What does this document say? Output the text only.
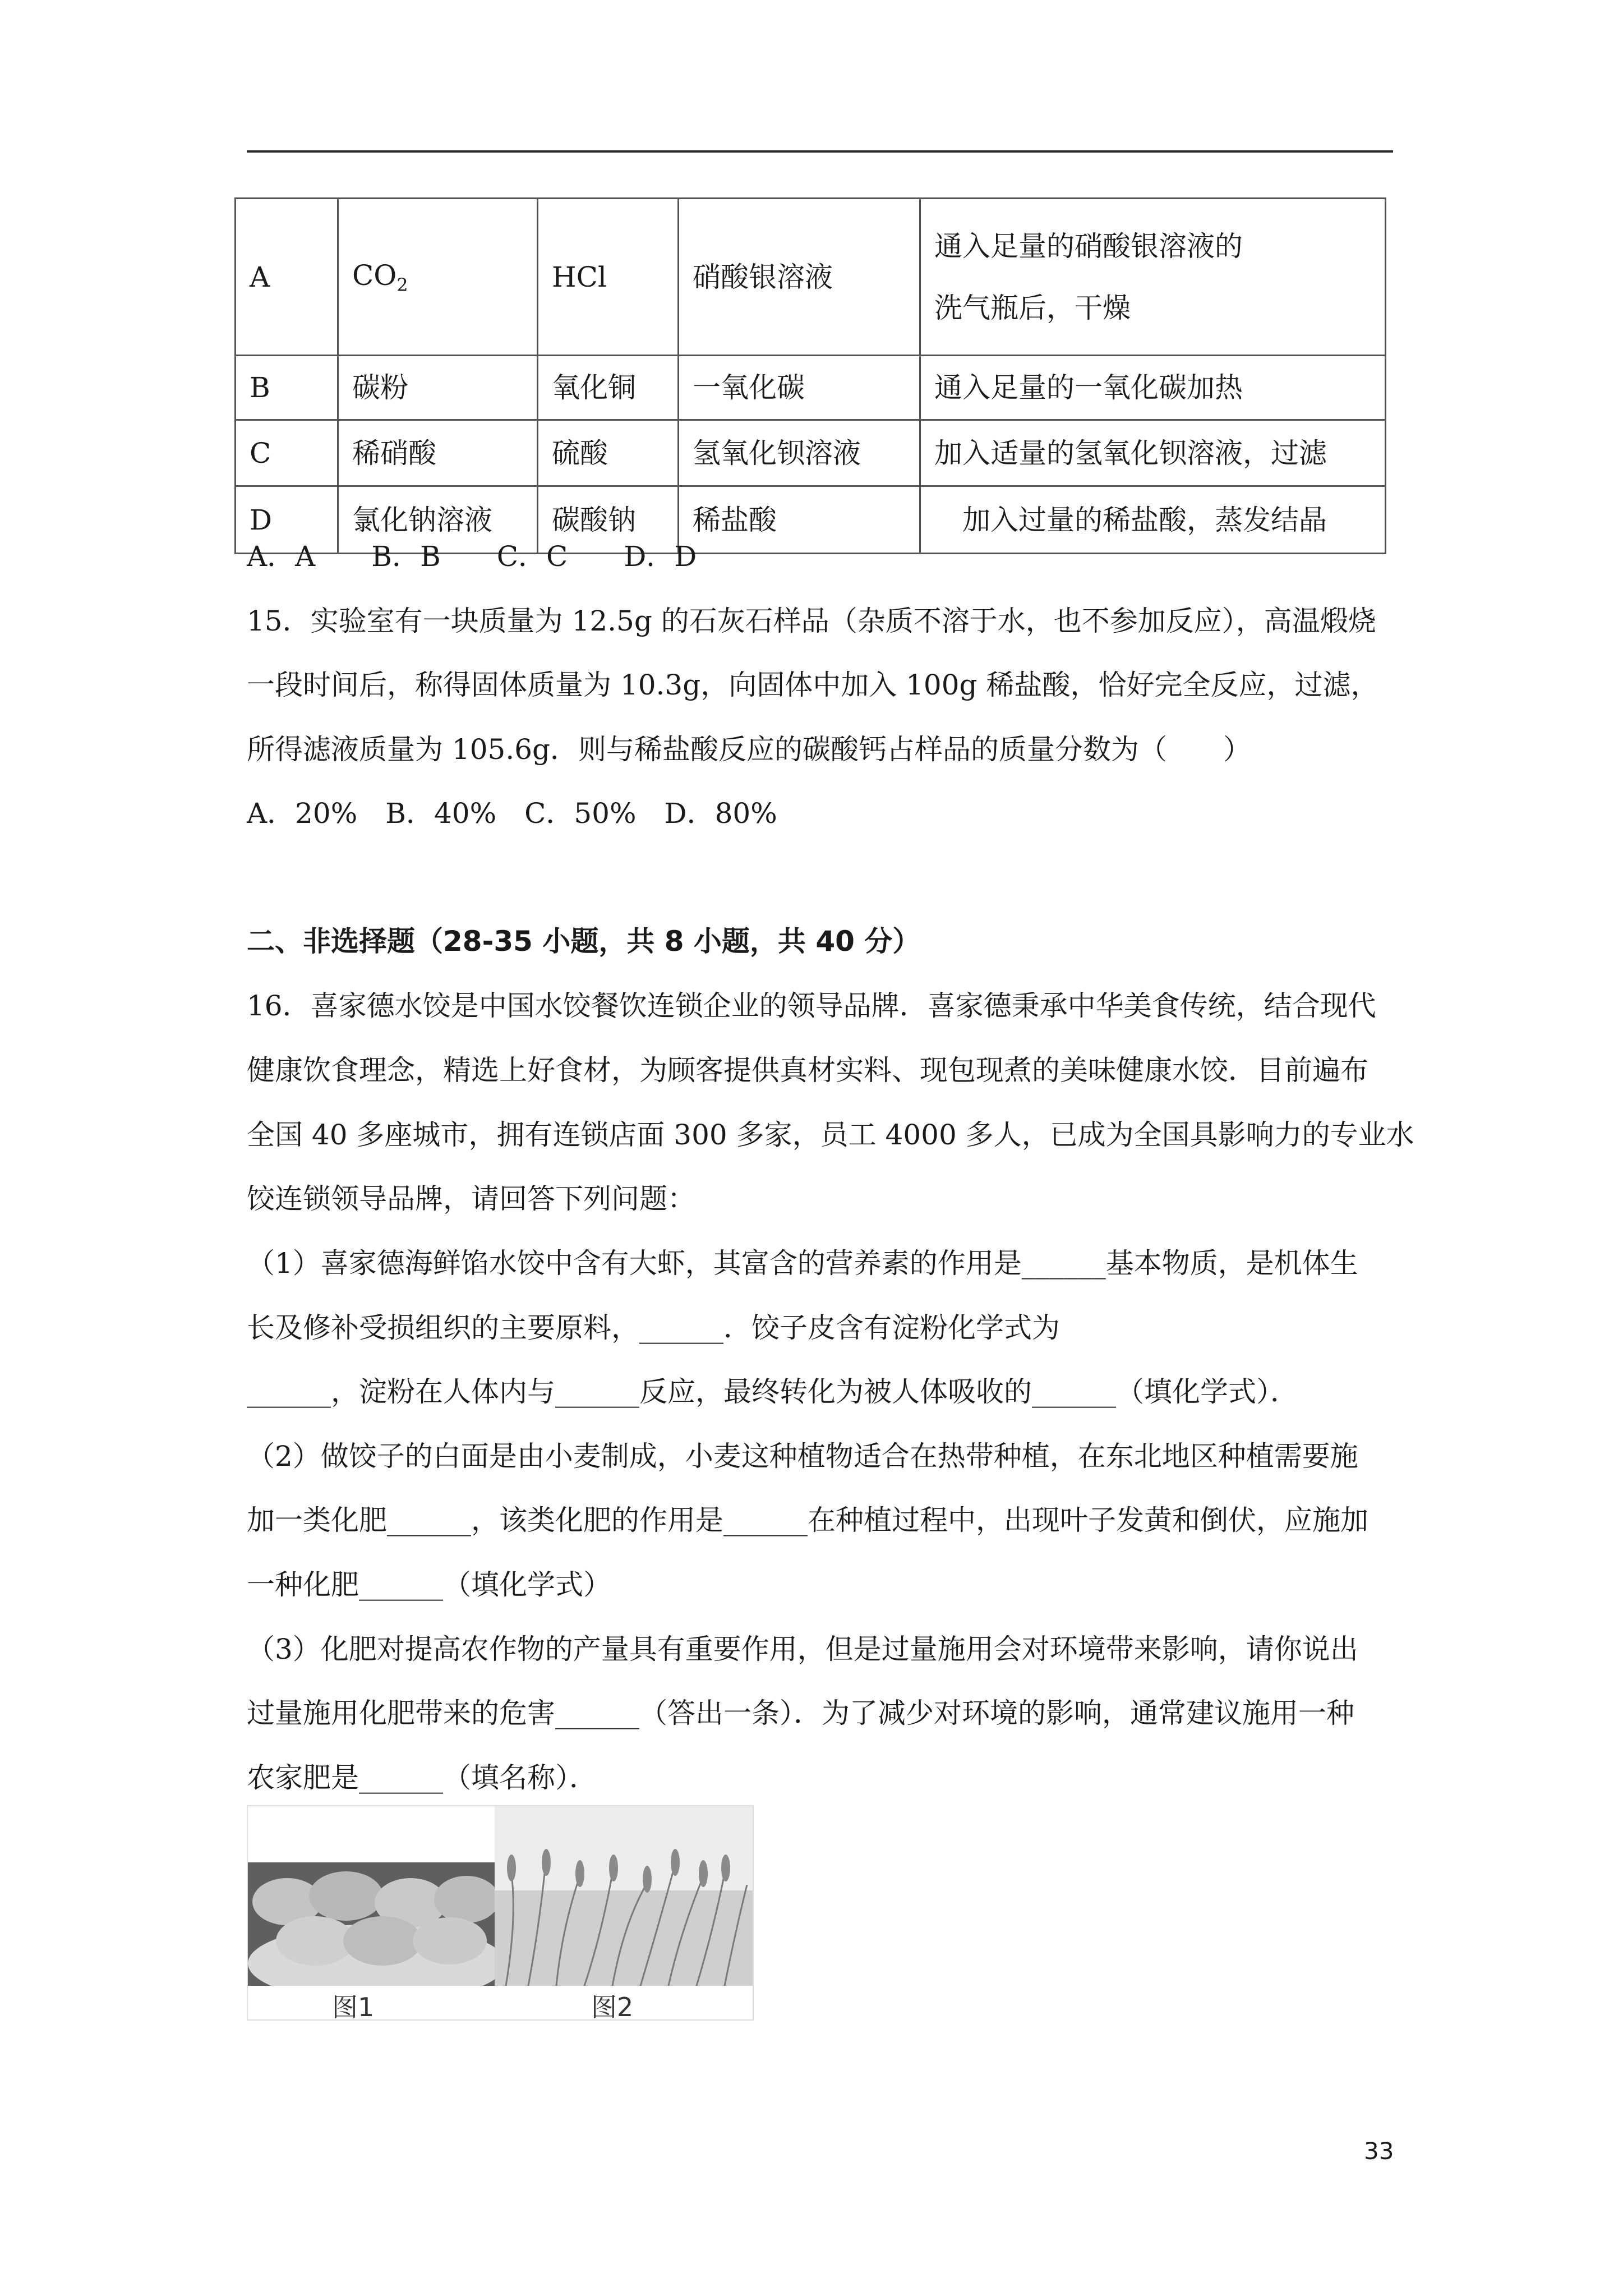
A	$CO_2$	HCl	硝酸银溶液	通入足量的硝酸银溶液的
洗气瓶后，干燥

B	碳粉	氧化铜	一氧化碳	通入足量的一氧化碳加热
C	稀硝酸	硫酸	氢氧化钡溶液	加入适量的氢氧化钡溶液，过滤
D	氯化钠溶液	碳酸钠	稀盐酸	　加入过量的稀盐酸，蒸发结晶
A．A　　B．B　　C．C　　D．D
15．实验室有一块质量为 12.5g 的石灰石样品（杂质不溶于水，也不参加反应），高温煅烧
一段时间后，称得固体质量为 10.3g，向固体中加入 100g 稀盐酸，恰好完全反应，过滤，
所得滤液质量为 105.6g．则与稀盐酸反应的碳酸钙占样品的质量分数为（　　）
A．20%　B．40%　C．50%　D．80%
二、非选择题（28-35 小题，共 8 小题，共 40 分）
16．喜家德水饺是中国水饺餐饮连锁企业的领导品牌．喜家德秉承中华美食传统，结合现代
健康饮食理念，精选上好食材，为顾客提供真材实料、现包现煮的美味健康水饺．目前遍布
全国 40 多座城市，拥有连锁店面 300 多家，员工 4000 多人，已成为全国具影响力的专业水
饺连锁领导品牌，请回答下列问题：
（1）喜家德海鲜馅水饺中含有大虾，其富含的营养素的作用是______基本物质，是机体生
长及修补受损组织的主要原料，______．饺子皮含有淀粉化学式为
______，淀粉在人体内与______反应，最终转化为被人体吸收的______（填化学式）．
（2）做饺子的白面是由小麦制成，小麦这种植物适合在热带种植，在东北地区种植需要施
加一类化肥______，该类化肥的作用是______在种植过程中，出现叶子发黄和倒伏，应施加
一种化肥______（填化学式）
（3）化肥对提高农作物的产量具有重要作用，但是过量施用会对环境带来影响，请你说出
过量施用化肥带来的危害______（答出一条）．为了减少对环境的影响，通常建议施用一种
农家肥是______（填名称）．
图1	图2
33
